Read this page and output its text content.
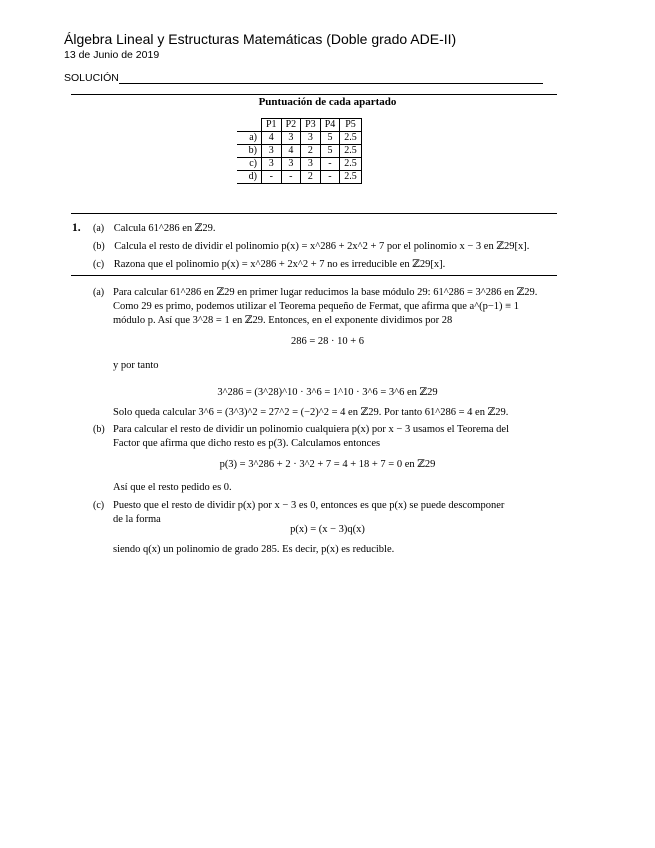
Álgebra Lineal y Estructuras Matemáticas (Doble grado ADE-II)
13 de Junio de 2019
SOLUCIÓN
Puntuación de cada apartado
	P1	P2	P3	P4	P5
a)	4	3	3	5	2.5
b)	3	4	2	5	2.5
c)	3	3	3	-	2.5
d)	-	-	2	-	2.5
1. (a) Calcula 61^286 en ℤ29.
(b) Calcula el resto de dividir el polinomio p(x) = x^286 + 2x^2 + 7 por el polinomio x − 3 en ℤ29[x].
(c) Razona que el polinomio p(x) = x^286 + 2x^2 + 7 no es irreducible en ℤ29[x].
(a) Para calcular 61^286 en ℤ29 en primer lugar reducimos la base módulo 29: 61^286 = 3^286 en ℤ29.
Como 29 es primo, podemos utilizar el Teorema pequeño de Fermat, que afirma que a^(p−1) ≡ 1
módulo p. Así que 3^28 = 1 en ℤ29. Entonces, en el exponente dividimos por 28
286 = 28 · 10 + 6
y por tanto
3^286 = (3^28)^10 · 3^6 = 1^10 · 3^6 = 3^6 en ℤ29
Solo queda calcular 3^6 = (3^3)^2 = 27^2 = (−2)^2 = 4 en ℤ29. Por tanto 61^286 = 4 en ℤ29.
(b) Para calcular el resto de dividir un polinomio cualquiera p(x) por x − 3 usamos el Teorema del
Factor que afirma que dicho resto es p(3). Calculamos entonces
p(3) = 3^286 + 2 · 3^2 + 7 = 4 + 18 + 7 = 0 en ℤ29
Así que el resto pedido es 0.
(c) Puesto que el resto de dividir p(x) por x − 3 es 0, entonces es que p(x) se puede descomponer
de la forma
p(x) = (x − 3)q(x)
siendo q(x) un polinomio de grado 285. Es decir, p(x) es reducible.
